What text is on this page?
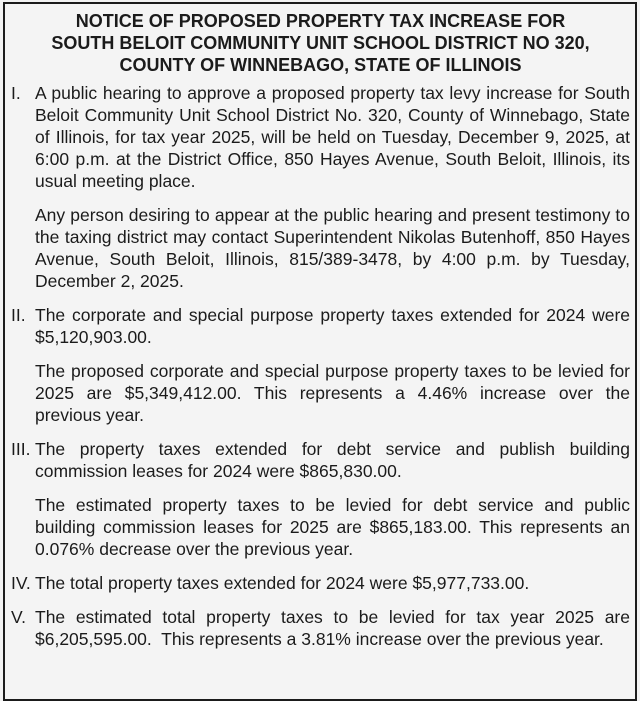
NOTICE OF PROPOSED PROPERTY TAX INCREASE FOR
SOUTH BELOIT COMMUNITY UNIT SCHOOL DISTRICT NO 320,
COUNTY OF WINNEBAGO, STATE OF ILLINOIS
I. A public hearing to approve a proposed property tax levy increase for South Beloit Community Unit School District No. 320, County of Winnebago, State of Illinois, for tax year 2025, will be held on Tuesday, December 9, 2025, at 6:00 p.m. at the District Office, 850 Hayes Avenue, South Beloit, Illinois, its usual meeting place.

Any person desiring to appear at the public hearing and present testimony to the taxing district may contact Superintendent Nikolas Butenhoff, 850 Hayes Avenue, South Beloit, Illinois, 815/389-3478, by 4:00 p.m. by Tuesday, December 2, 2025.

II. The corporate and special purpose property taxes extended for 2024 were $5,120,903.00.

The proposed corporate and special purpose property taxes to be levied for 2025 are $5,349,412.00. This represents a 4.46% increase over the previous year.

III. The property taxes extended for debt service and publish building commission leases for 2024 were $865,830.00.

The estimated property taxes to be levied for debt service and public building commission leases for 2025 are $865,183.00. This represents an 0.076% decrease over the previous year.

IV. The total property taxes extended for 2024 were $5,977,733.00.

V. The estimated total property taxes to be levied for tax year 2025 are $6,205,595.00.  This represents a 3.81% increase over the previous year.
